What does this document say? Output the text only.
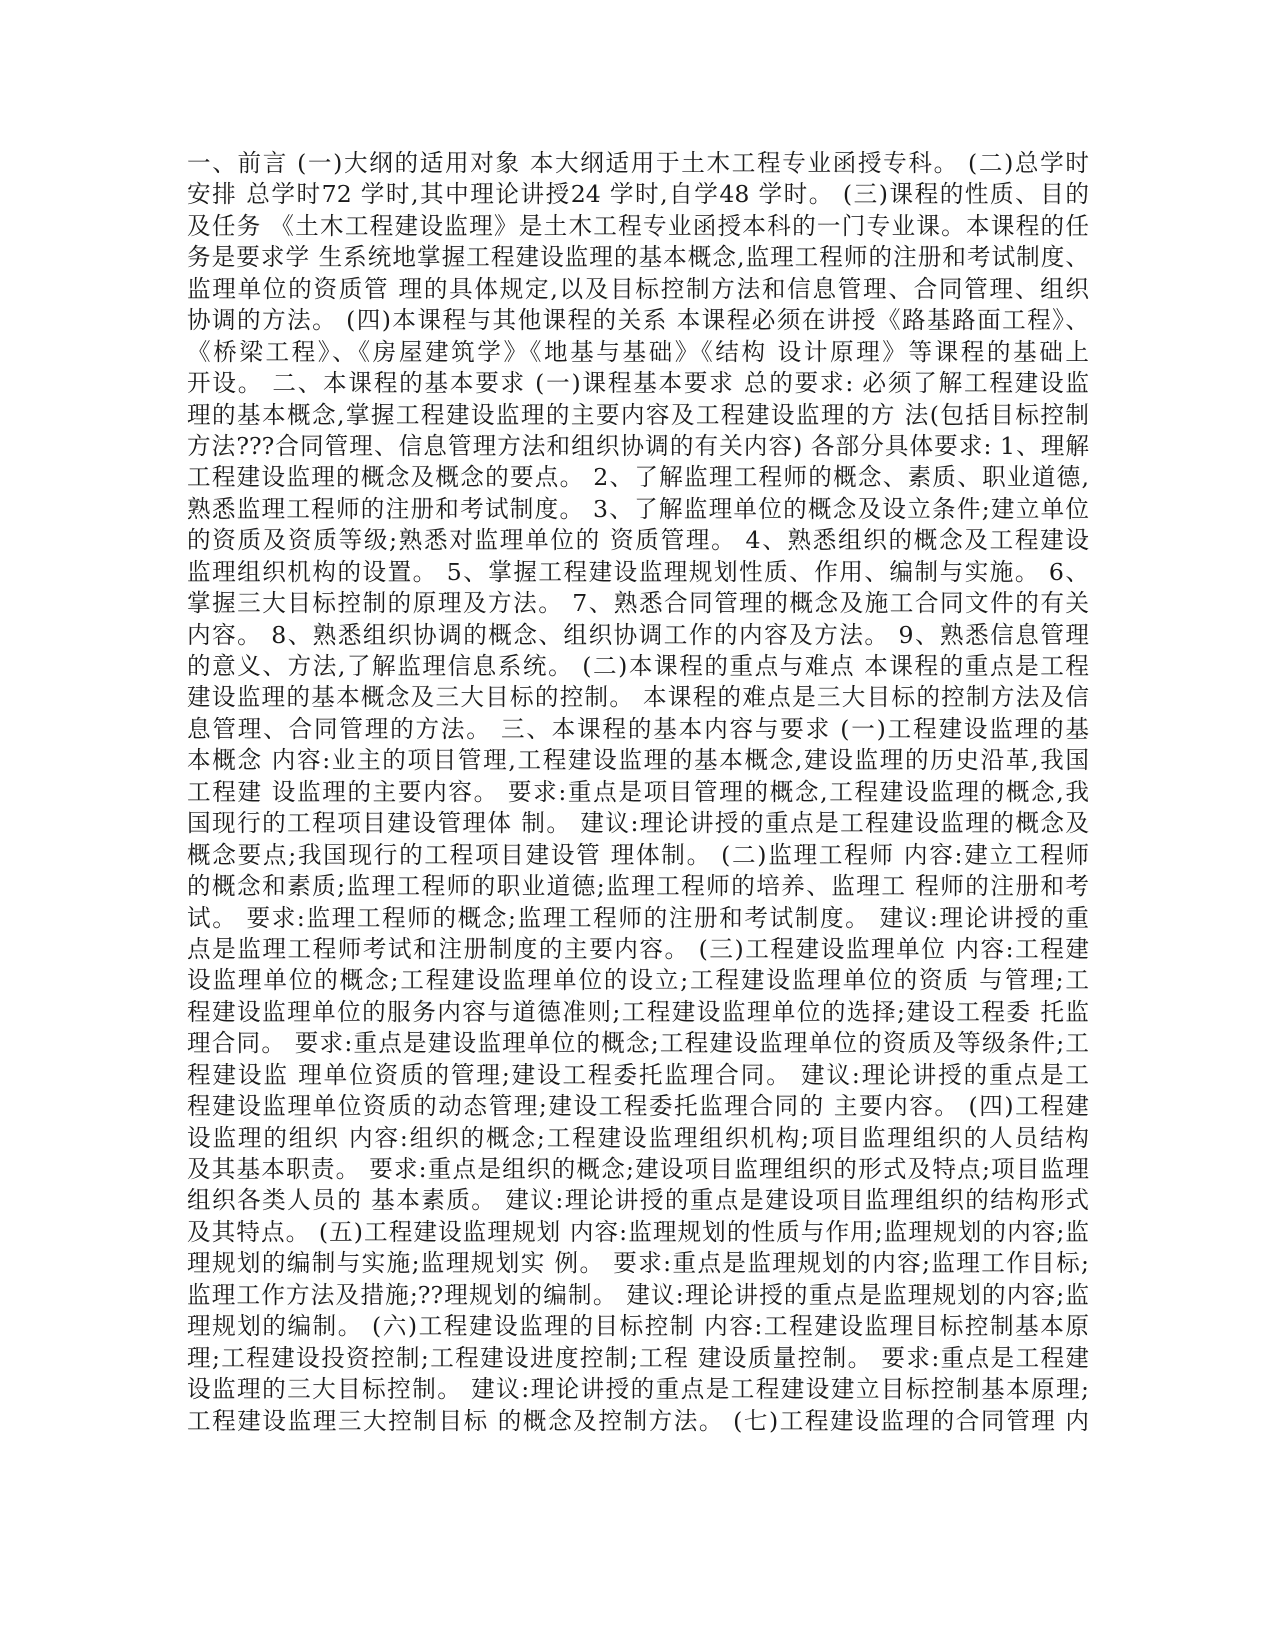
一、前言 (一)大纲的适用对象 本大纲适用于土木工程专业函授专科。 (二)总学时
安排 总学时72 学时,其中理论讲授24 学时,自学48 学时。 (三)课程的性质、目的
及任务 《土木工程建设监理》是土木工程专业函授本科的一门专业课。本课程的任
务是要求学 生系统地掌握工程建设监理的基本概念,监理工程师的注册和考试制度、
监理单位的资质管 理的具体规定,以及目标控制方法和信息管理、合同管理、组织
协调的方法。 (四)本课程与其他课程的关系 本课程必须在讲授《路基路面工程》、
《桥梁工程》、《房屋建筑学》《地基与基础》《结构 设计原理》等课程的基础上
开设。 二、本课程的基本要求 (一)课程基本要求 总的要求: 必须了解工程建设监
理的基本概念,掌握工程建设监理的主要内容及工程建设监理的方 法(包括目标控制
方法???合同管理、信息管理方法和组织协调的有关内容) 各部分具体要求: 1、理解
工程建设监理的概念及概念的要点。 2、了解监理工程师的概念、素质、职业道德,
熟悉监理工程师的注册和考试制度。 3、了解监理单位的概念及设立条件;建立单位
的资质及资质等级;熟悉对监理单位的 资质管理。 4、熟悉组织的概念及工程建设
监理组织机构的设置。 5、掌握工程建设监理规划性质、作用、编制与实施。 6、
掌握三大目标控制的原理及方法。 7、熟悉合同管理的概念及施工合同文件的有关
内容。 8、熟悉组织协调的概念、组织协调工作的内容及方法。 9、熟悉信息管理
的意义、方法,了解监理信息系统。 (二)本课程的重点与难点 本课程的重点是工程
建设监理的基本概念及三大目标的控制。 本课程的难点是三大目标的控制方法及信
息管理、合同管理的方法。 三、本课程的基本内容与要求 (一)工程建设监理的基
本概念 内容:业主的项目管理,工程建设监理的基本概念,建设监理的历史沿革,我国
工程建 设监理的主要内容。 要求:重点是项目管理的概念,工程建设监理的概念,我
国现行的工程项目建设管理体 制。 建议:理论讲授的重点是工程建设监理的概念及
概念要点;我国现行的工程项目建设管 理体制。 (二)监理工程师 内容:建立工程师
的概念和素质;监理工程师的职业道德;监理工程师的培养、监理工 程师的注册和考
试。 要求:监理工程师的概念;监理工程师的注册和考试制度。 建议:理论讲授的重
点是监理工程师考试和注册制度的主要内容。 (三)工程建设监理单位 内容:工程建
设监理单位的概念;工程建设监理单位的设立;工程建设监理单位的资质 与管理;工
程建设监理单位的服务内容与道德准则;工程建设监理单位的选择;建设工程委 托监
理合同。 要求:重点是建设监理单位的概念;工程建设监理单位的资质及等级条件;工
程建设监 理单位资质的管理;建设工程委托监理合同。 建议:理论讲授的重点是工
程建设监理单位资质的动态管理;建设工程委托监理合同的 主要内容。 (四)工程建
设监理的组织 内容:组织的概念;工程建设监理组织机构;项目监理组织的人员结构
及其基本职责。 要求:重点是组织的概念;建设项目监理组织的形式及特点;项目监理
组织各类人员的 基本素质。 建议:理论讲授的重点是建设项目监理组织的结构形式
及其特点。 (五)工程建设监理规划 内容:监理规划的性质与作用;监理规划的内容;监
理规划的编制与实施;监理规划实 例。 要求:重点是监理规划的内容;监理工作目标;
监理工作方法及措施;??理规划的编制。 建议:理论讲授的重点是监理规划的内容;监
理规划的编制。 (六)工程建设监理的目标控制 内容:工程建设监理目标控制基本原
理;工程建设投资控制;工程建设进度控制;工程 建设质量控制。 要求:重点是工程建
设监理的三大目标控制。 建议:理论讲授的重点是工程建设建立目标控制基本原理;
工程建设监理三大控制目标 的概念及控制方法。 (七)工程建设监理的合同管理 内
